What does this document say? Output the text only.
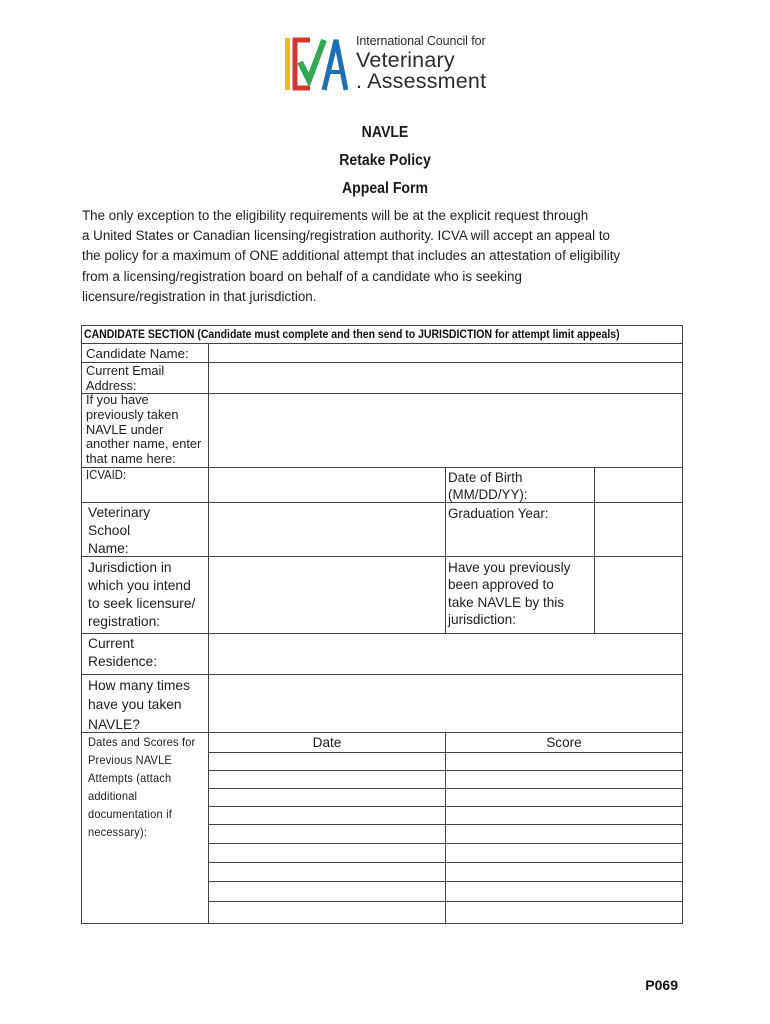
International Council for
Veterinary
. Assessment
NAVLE
Retake Policy
Appeal Form
The only exception to the eligibility requirements will be at the explicit request through
a United States or Canadian licensing/registration authority. ICVA will accept an appeal to
the policy for a maximum of ONE additional attempt that includes an attestation of eligibility
from a licensing/registration board on behalf of a candidate who is seeking
licensure/registration in that jurisdiction.
CANDIDATE SECTION (Candidate must complete and then send to JURISDICTION for attempt limit appeals)
Candidate Name:
Current Email
Address:
If you have
previously taken
NAVLE under
another name, enter
that name here:
ICVAID:	Date of Birth
(MM/DD/YY):
Veterinary
School
Name:
Graduation Year:
Jurisdiction in
which you intend
to seek licensure/
registration:
Have you previously
been approved to
take NAVLE by this
jurisdiction:
Current
Residence:
How many times
have you taken
NAVLE?
Dates and Scores for
Previous NAVLE
Attempts (attach
additional
documentation if
necessary):
Date	Score
P069
